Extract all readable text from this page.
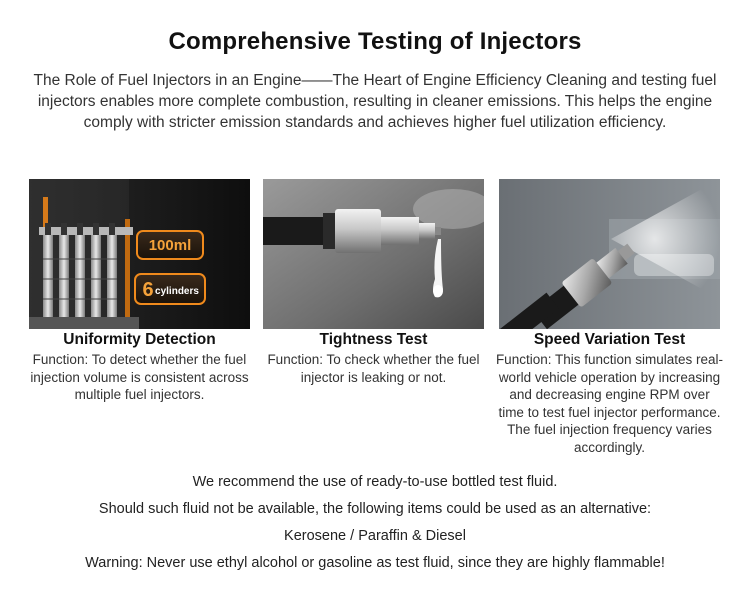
Comprehensive Testing of Injectors
The Role of Fuel Injectors in an Engine——The Heart of Engine Efficiency Cleaning and testing fuel injectors enables more complete combustion, resulting in cleaner emissions. This helps the engine comply with stricter emission standards and achieves higher fuel utilization efficiency.
100ml
6 cylinders
Uniformity Detection
Function: To detect whether the fuel injection volume is consistent across multiple fuel injectors.
Tightness Test
Function: To check whether the fuel injector is leaking or not.
Speed Variation Test
Function: This function simulates real-world vehicle operation by increasing and decreasing engine RPM over time to test fuel injector performance. The fuel injection frequency varies accordingly.
We recommend the use of ready-to-use bottled test fluid.
Should such fluid not be available, the following items could be used as an alternative:
Kerosene / Paraffin & Diesel
Warning: Never use ethyl alcohol or gasoline as test fluid, since they are highly flammable!
